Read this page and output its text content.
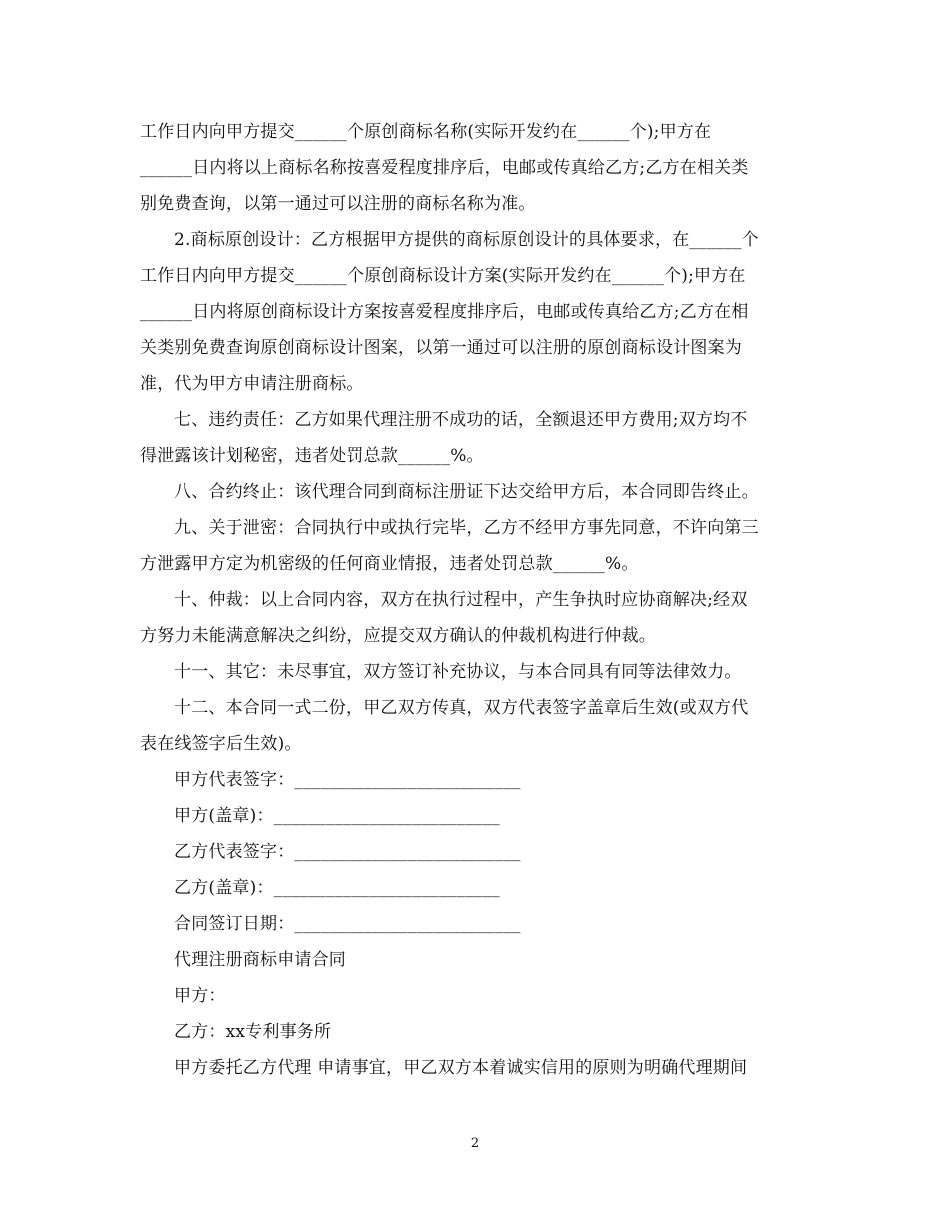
工作日内向甲方提交______个原创商标名称(实际开发约在______个);甲方在
______日内将以上商标名称按喜爱程度排序后，电邮或传真给乙方;乙方在相关类
别免费查询，以第一通过可以注册的商标名称为准。
2.商标原创设计：乙方根据甲方提供的商标原创设计的具体要求，在______个
工作日内向甲方提交______个原创商标设计方案(实际开发约在______个);甲方在
______日内将原创商标设计方案按喜爱程度排序后，电邮或传真给乙方;乙方在相
关类别免费查询原创商标设计图案，以第一通过可以注册的原创商标设计图案为
准，代为甲方申请注册商标。
七、违约责任：乙方如果代理注册不成功的话，全额退还甲方费用;双方均不
得泄露该计划秘密，违者处罚总款______%。
八、合约终止：该代理合同到商标注册证下达交给甲方后，本合同即告终止。
九、关于泄密：合同执行中或执行完毕，乙方不经甲方事先同意，不许向第三
方泄露甲方定为机密级的任何商业情报，违者处罚总款______%。
十、仲裁：以上合同内容，双方在执行过程中，产生争执时应协商解决;经双
方努力未能满意解决之纠纷，应提交双方确认的仲裁机构进行仲裁。
十一、其它：未尽事宜，双方签订补充协议，与本合同具有同等法律效力。
十二、本合同一式二份，甲乙双方传真，双方代表签字盖章后生效(或双方代
表在线签字后生效)。
甲方代表签字：__________________________
甲方(盖章)：__________________________
乙方代表签字：__________________________
乙方(盖章)：__________________________
合同签订日期：__________________________
代理注册商标申请合同
甲方：
乙方：xx专利事务所
甲方委托乙方代理 申请事宜，甲乙双方本着诚实信用的原则为明确代理期间
2
